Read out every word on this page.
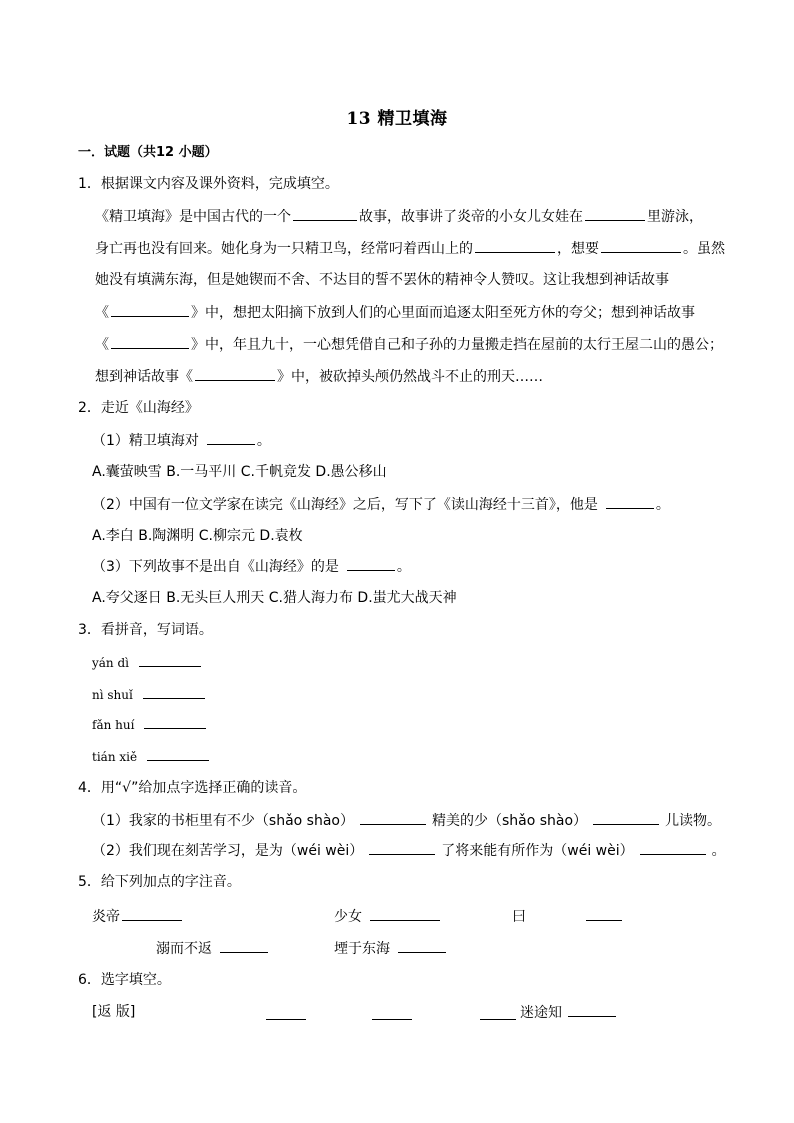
13 精卫填海
一．试题（共12 小题）
1．根据课文内容及课外资料，完成填空。
《精卫填海》是中国古代的一个	故事，故事讲了炎帝的小女儿女娃在	里游泳，
身亡再也没有回来。她化身为一只精卫鸟，经常叼着西山上的	，想要	。虽然
她没有填满东海，但是她锲而不舍、不达目的誓不罢休的精神令人赞叹。这让我想到神话故事
《	》中，想把太阳摘下放到人们的心里面而追逐太阳至死方休的夸父；想到神话故事
《	》中，年且九十，一心想凭借自己和子孙的力量搬走挡在屋前的太行王屋二山的愚公；
想到神话故事《	》中，被砍掉头颅仍然战斗不止的刑天……
2．走近《山海经》
（1）精卫填海对	。
A.囊萤映雪 B.一马平川 C.千帆竞发 D.愚公移山
（2）中国有一位文学家在读完《山海经》之后，写下了《读山海经十三首》，他是	。
A.李白 B.陶渊明 C.柳宗元 D.袁枚
（3）下列故事不是出自《山海经》的是	。
A.夸父逐日 B.无头巨人刑天 C.猎人海力布 D.蚩尤大战天神
3．看拼音，写词语。
yán dì
nì shuǐ
fǎn huí
tián xiě
4．用“√”给加点字选择正确的读音。
（1）我家的书柜里有不少（shǎo shào）	精美的少（shǎo shào）	儿读物。
（2）我们现在刻苦学习，是为（wéi wèi）	了将来能有所作为（wéi wèi）	。
5．给下列加点的字注音。
炎帝	少女	曰
溺而不返	堙于东海
6．选字填空。
[返 版]	迷途知
